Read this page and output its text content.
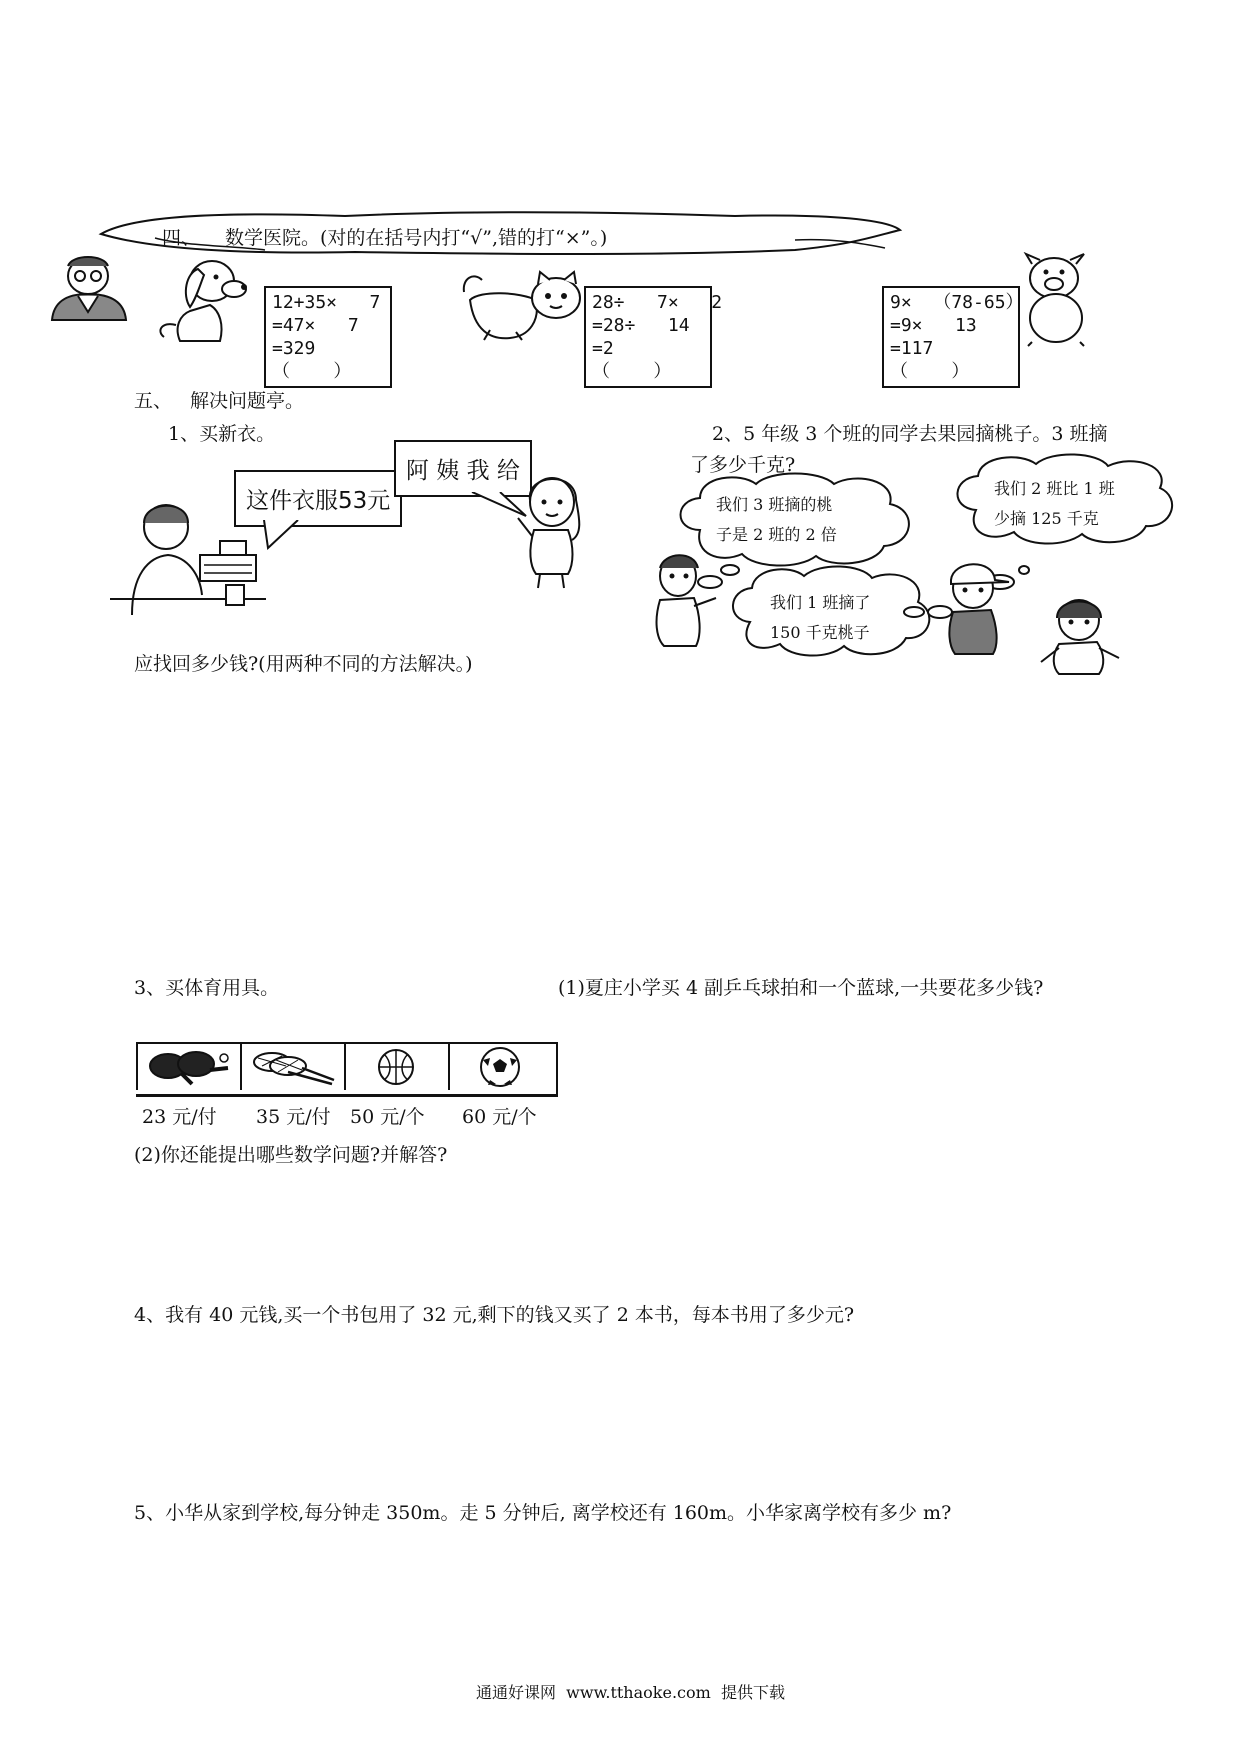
四、 数学医院。(对的在括号内打“√”,错的打“×”。)
12+35×   7
=47×   7
=329
（    ）
28÷   7×   2
=28÷   14
=2
（    ）
9×  （78-65）
=9×   13
=117
（    ）
五、 解决问题亭。
1、买新衣。
这件衣服53元
阿 姨 我 给
应找回多少钱?(用两种不同的方法解决。)
2、5 年级 3 个班的同学去果园摘桃子。3 班摘
了多少千克?
我们 3 班摘的桃
子是 2 班的 2 倍
我们 2 班比 1 班
少摘 125 千克
我们 1 班摘了
150 千克桃子
3、买体育用具。	(1)夏庄小学买 4 副乒乓球拍和一个蓝球,一共要花多少钱?
23 元/付 35 元/付 50 元/个 60 元/个
(2)你还能提出哪些数学问题?并解答?
4、我有 40 元钱,买一个书包用了 32 元,剩下的钱又买了 2 本书，每本书用了多少元?
5、小华从家到学校,每分钟走 350m。走 5 分钟后, 离学校还有 160m。小华家离学校有多少 m?
通通好课网  www.tthaoke.com  提供下载
